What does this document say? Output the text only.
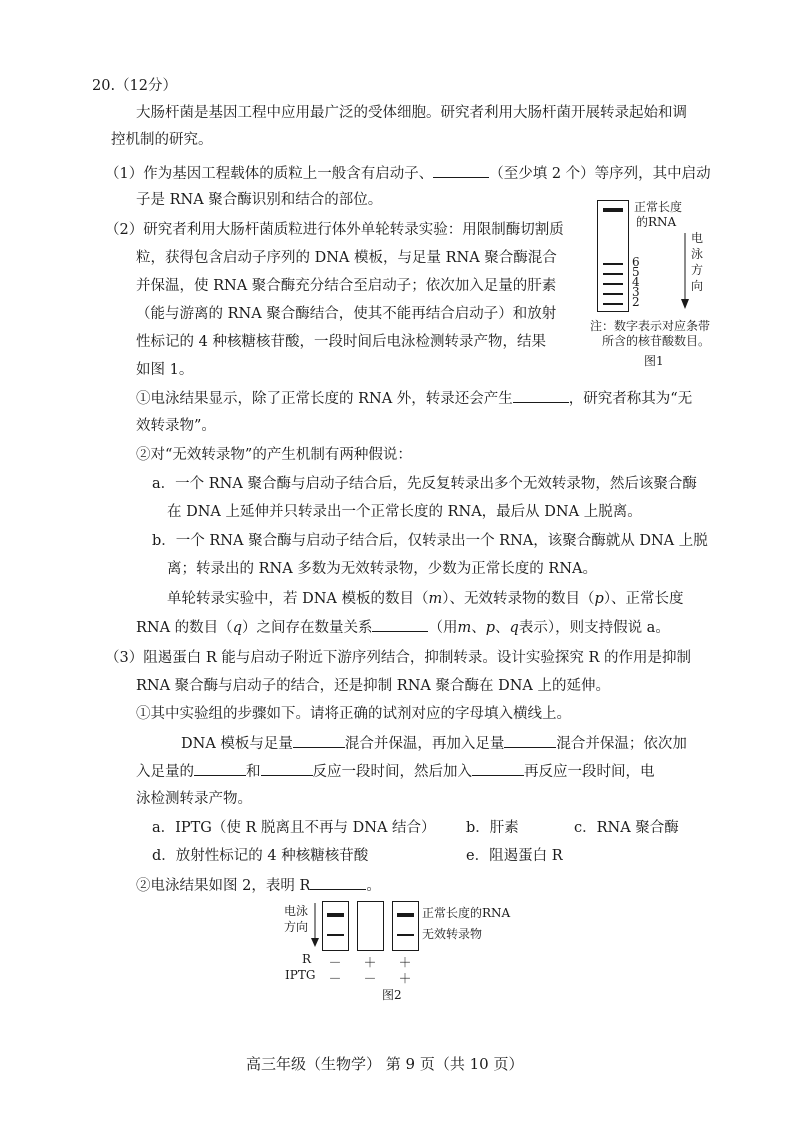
20.（12分）
大肠杆菌是基因工程中应用最广泛的受体细胞。研究者利用大肠杆菌开展转录起始和调
控机制的研究。
（1）作为基因工程载体的质粒上一般含有启动子、	（至少填 2 个）等序列，其中启动
子是 RNA 聚合酶识别和结合的部位。
（2）研究者利用大肠杆菌质粒进行体外单轮转录实验：用限制酶切割质
粒，获得包含启动子序列的 DNA 模板，与足量 RNA 聚合酶混合
并保温，使 RNA 聚合酶充分结合至启动子；依次加入足量的肝素
（能与游离的 RNA 聚合酶结合，使其不能再结合启动子）和放射
性标记的 4 种核糖核苷酸，一段时间后电泳检测转录产物，结果
如图 1。
正常长度
的RNA
6
5
4
3
2
电
泳
方
向
注：数字表示对应条带
所含的核苷酸数目。
图1
①电泳结果显示，除了正常长度的 RNA 外，转录还会产生	，研究者称其为“无
效转录物”。
②对“无效转录物”的产生机制有两种假说：
a．一个 RNA 聚合酶与启动子结合后，先反复转录出多个无效转录物，然后该聚合酶
在 DNA 上延伸并只转录出一个正常长度的 RNA，最后从 DNA 上脱离。
b．一个 RNA 聚合酶与启动子结合后，仅转录出一个 RNA，该聚合酶就从 DNA 上脱
离；转录出的 RNA 多数为无效转录物，少数为正常长度的 RNA。
单轮转录实验中，若 DNA 模板的数目（m）、无效转录物的数目（p）、正常长度
RNA 的数目（q）之间存在数量关系	（用m、p、q表示），则支持假说 a。
（3）阻遏蛋白 R 能与启动子附近下游序列结合，抑制转录。设计实验探究 R 的作用是抑制
RNA 聚合酶与启动子的结合，还是抑制 RNA 聚合酶在 DNA 上的延伸。
①其中实验组的步骤如下。请将正确的试剂对应的字母填入横线上。
DNA 模板与足量	混合并保温，再加入足量	混合并保温；依次加
入足量的	和	反应一段时间，然后加入	再反应一段时间，电
泳检测转录产物。
a．IPTG（使 R 脱离且不再与 DNA 结合） b．肝素	c．RNA 聚合酶
d．放射性标记的 4 种核糖核苷酸	e．阻遏蛋白 R
②电泳结果如图 2，表明 R	。
电泳
方向
正常长度的RNA
无效转录物
R － ＋ ＋
IPTG － － ＋
图2
高三年级（生物学） 第 9 页（共 10 页）
